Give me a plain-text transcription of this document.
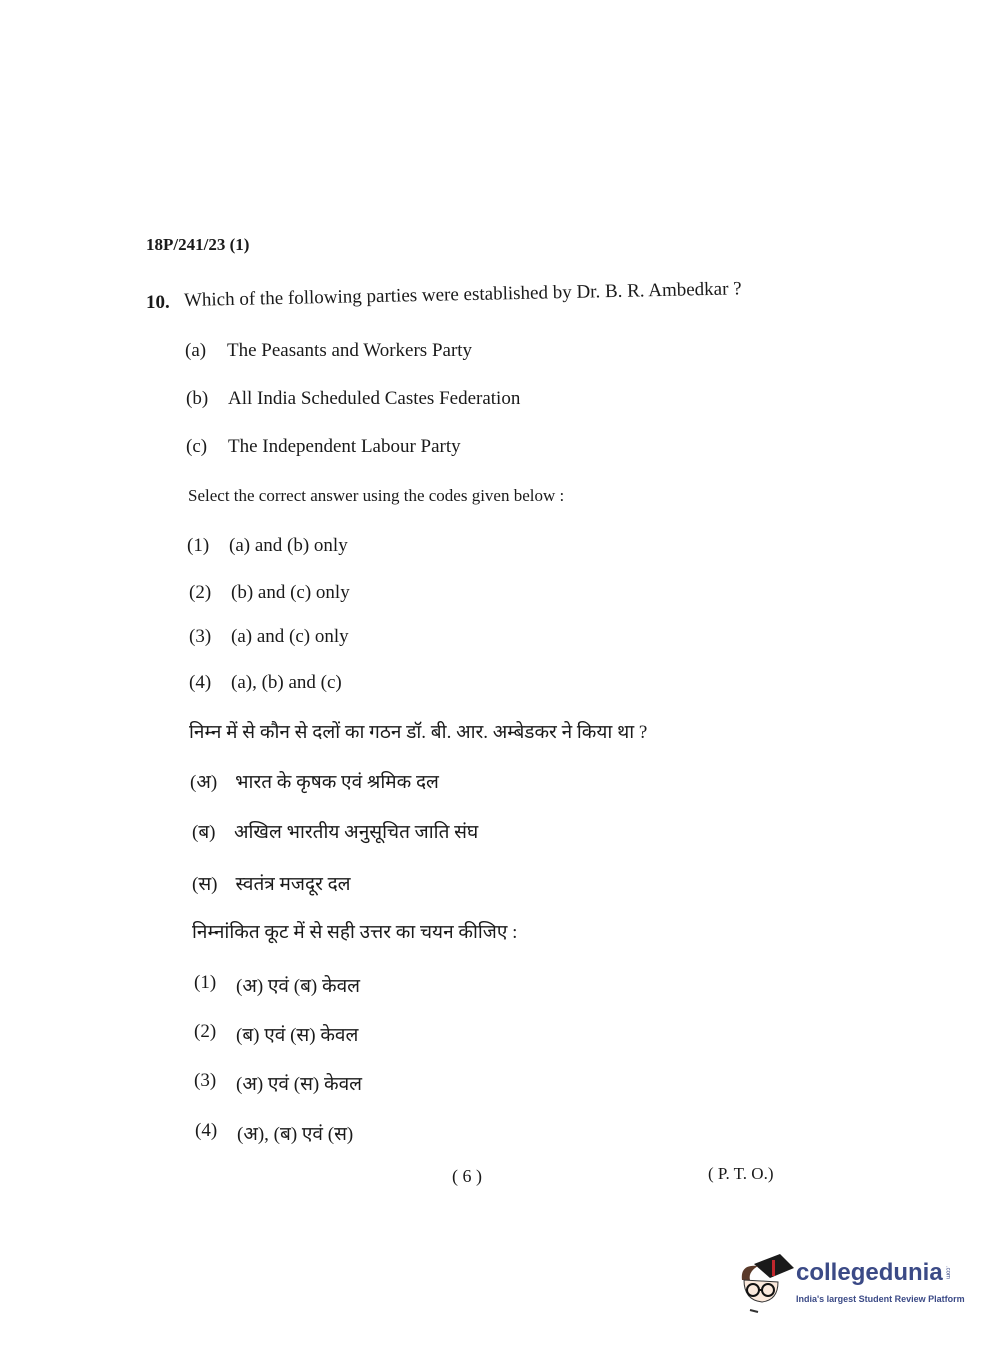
18P/241/23 (1)
10. Which of the following parties were established by Dr. B. R. Ambedkar ?
(a) The Peasants and Workers Party
(b) All India Scheduled Castes Federation
(c) The Independent Labour Party
Select the correct answer using the codes given below :
(1) (a) and (b) only
(2) (b) and (c) only
(3) (a) and (c) only
(4) (a), (b) and (c)
निम्न में से कौन से दलों का गठन डॉ. बी. आर. अम्बेडकर ने किया था ?
(अ) भारत के कृषक एवं श्रमिक दल
(ब) अखिल भारतीय अनुसूचित जाति संघ
(स) स्वतंत्र मजदूर दल
निम्नांकित कूट में से सही उत्तर का चयन कीजिए :
(1) (अ) एवं (ब) केवल
(2) (ब) एवं (स) केवल
(3) (अ) एवं (स) केवल
(4) (अ), (ब) एवं (स)
( 6 )	( P. T. O.)
collegedunia .com
India's largest Student Review Platform
